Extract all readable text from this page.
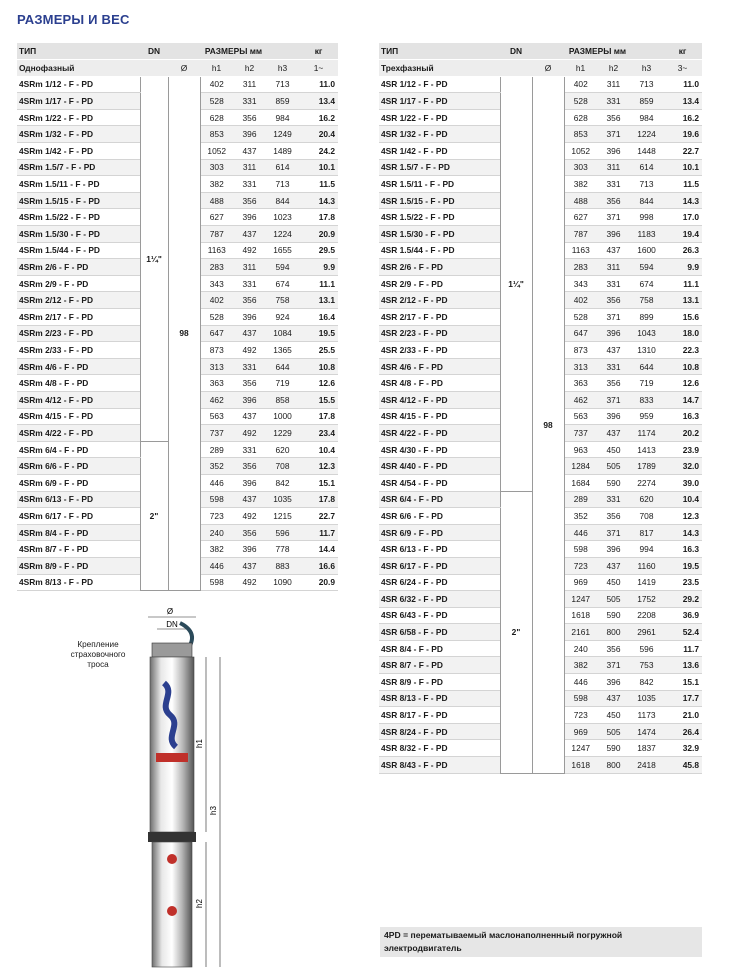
РАЗМЕРЫ И ВЕС
ТИП	DN	РАЗМЕРЫ мм				кг
Однофазный		Ø	h1	h2	h3	1~
4SRm 1/12 - F - PD	1¼"	98	402	311	713	11.0
4SRm 1/17 - F - PD			528	331	859	13.4
4SRm 1/22 - F - PD			628	356	984	16.2
4SRm 1/32 - F - PD			853	396	1249	20.4
4SRm 1/42 - F - PD			1052	437	1489	24.2
4SRm 1.5/7 - F - PD			303	311	614	10.1
4SRm 1.5/11 - F - PD			382	331	713	11.5
4SRm 1.5/15 - F - PD			488	356	844	14.3
4SRm 1.5/22 - F - PD			627	396	1023	17.8
4SRm 1.5/30 - F - PD			787	437	1224	20.9
4SRm 1.5/44 - F - PD			1163	492	1655	29.5
4SRm 2/6 - F - PD			283	311	594	9.9
4SRm 2/9 - F - PD			343	331	674	11.1
4SRm 2/12 - F - PD			402	356	758	13.1
4SRm 2/17 - F - PD			528	396	924	16.4
4SRm 2/23 - F - PD			647	437	1084	19.5
4SRm 2/33 - F - PD			873	492	1365	25.5
4SRm 4/6 - F - PD			313	331	644	10.8
4SRm 4/8 - F - PD			363	356	719	12.6
4SRm 4/12 - F - PD			462	396	858	15.5
4SRm 4/15 - F - PD			563	437	1000	17.8
4SRm 4/22 - F - PD			737	492	1229	23.4
4SRm 6/4 - F - PD	2"		289	331	620	10.4
4SRm 6/6 - F - PD			352	356	708	12.3
4SRm 6/9 - F - PD			446	396	842	15.1
4SRm 6/13 - F - PD			598	437	1035	17.8
4SRm 6/17 - F - PD			723	492	1215	22.7
4SRm 8/4 - F - PD			240	356	596	11.7
4SRm 8/7 - F - PD			382	396	778	14.4
4SRm 8/9 - F - PD			446	437	883	16.6
4SRm 8/13 - F - PD			598	492	1090	20.9
ТИП	DN	РАЗМЕРЫ мм				кг
Трехфазный		Ø	h1	h2	h3	3~
4SR 1/12 - F - PD	1¼"	98	402	311	713	11.0
4SR 1/17 - F - PD			528	331	859	13.4
4SR 1/22 - F - PD			628	356	984	16.2
4SR 1/32 - F - PD			853	371	1224	19.6
4SR 1/42 - F - PD			1052	396	1448	22.7
4SR 1.5/7 - F - PD			303	311	614	10.1
4SR 1.5/11 - F - PD			382	331	713	11.5
4SR 1.5/15 - F - PD			488	356	844	14.3
4SR 1.5/22 - F - PD			627	371	998	17.0
4SR 1.5/30 - F - PD			787	396	1183	19.4
4SR 1.5/44 - F - PD			1163	437	1600	26.3
4SR 2/6 - F - PD			283	311	594	9.9
4SR 2/9 - F - PD			343	331	674	11.1
4SR 2/12 - F - PD			402	356	758	13.1
4SR 2/17 - F - PD			528	371	899	15.6
4SR 2/23 - F - PD			647	396	1043	18.0
4SR 2/33 - F - PD			873	437	1310	22.3
4SR 4/6 - F - PD			313	331	644	10.8
4SR 4/8 - F - PD			363	356	719	12.6
4SR 4/12 - F - PD			462	371	833	14.7
4SR 4/15 - F - PD			563	396	959	16.3
4SR 4/22 - F - PD			737	437	1174	20.2
4SR 4/30 - F - PD			963	450	1413	23.9
4SR 4/40 - F - PD			1284	505	1789	32.0
4SR 4/54 - F - PD			1684	590	2274	39.0
4SR 6/4 - F - PD	2"		289	331	620	10.4
4SR 6/6 - F - PD			352	356	708	12.3
4SR 6/9 - F - PD			446	371	817	14.3
4SR 6/13 - F - PD			598	396	994	16.3
4SR 6/17 - F - PD			723	437	1160	19.5
4SR 6/24 - F - PD			969	450	1419	23.5
4SR 6/32 - F - PD			1247	505	1752	29.2
4SR 6/43 - F - PD			1618	590	2208	36.9
4SR 6/58 - F - PD			2161	800	2961	52.4
4SR 8/4 - F - PD			240	356	596	11.7
4SR 8/7 - F - PD			382	371	753	13.6
4SR 8/9 - F - PD			446	396	842	15.1
4SR 8/13 - F - PD			598	437	1035	17.7
4SR 8/17 - F - PD			723	450	1173	21.0
4SR 8/24 - F - PD			969	505	1474	26.4
4SR 8/32 - F - PD			1247	590	1837	32.9
4SR 8/43 - F - PD			1618	800	2418	45.8
Крепление
страховочного
троса
Ø
DN
h1
h3
h2
4PD = перематываемый маслонаполненный погружной электродвигатель
